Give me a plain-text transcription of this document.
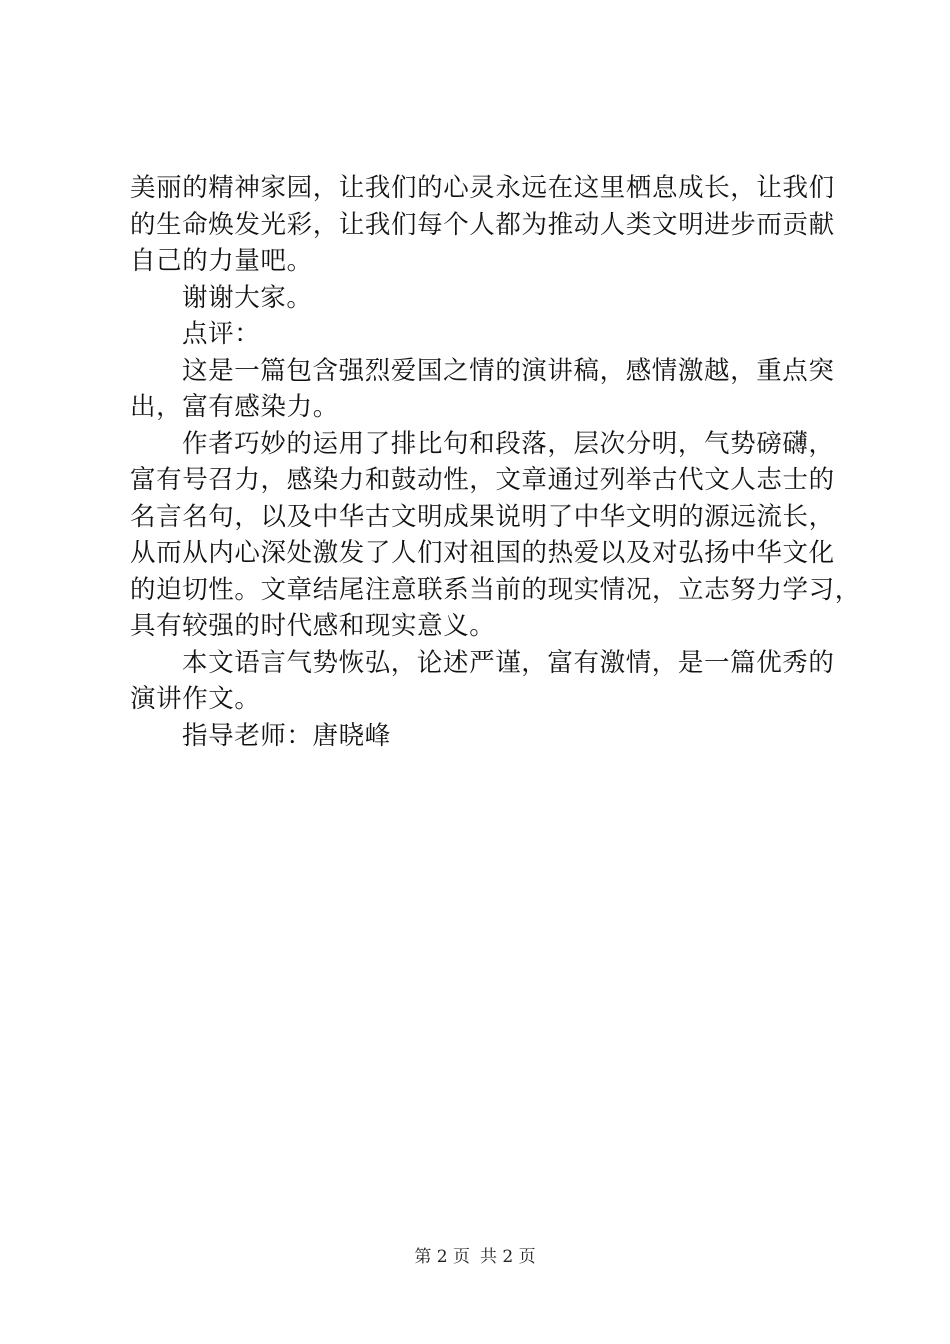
美丽的精神家园，让我们的心灵永远在这里栖息成长，让我们
的生命焕发光彩，让我们每个人都为推动人类文明进步而贡献
自己的力量吧。

谢谢大家。

点评：

这是一篇包含强烈爱国之情的演讲稿，感情激越，重点突
出，富有感染力。

作者巧妙的运用了排比句和段落，层次分明，气势磅礴，
富有号召力，感染力和鼓动性，文章通过列举古代文人志士的
名言名句，以及中华古文明成果说明了中华文明的源远流长，
从而从内心深处激发了人们对祖国的热爱以及对弘扬中华文化
的迫切性。文章结尾注意联系当前的现实情况，立志努力学习，
具有较强的时代感和现实意义。

本文语言气势恢弘，论述严谨，富有激情，是一篇优秀的
演讲作文。

指导老师：唐晓峰

第 2 页 共 2 页
